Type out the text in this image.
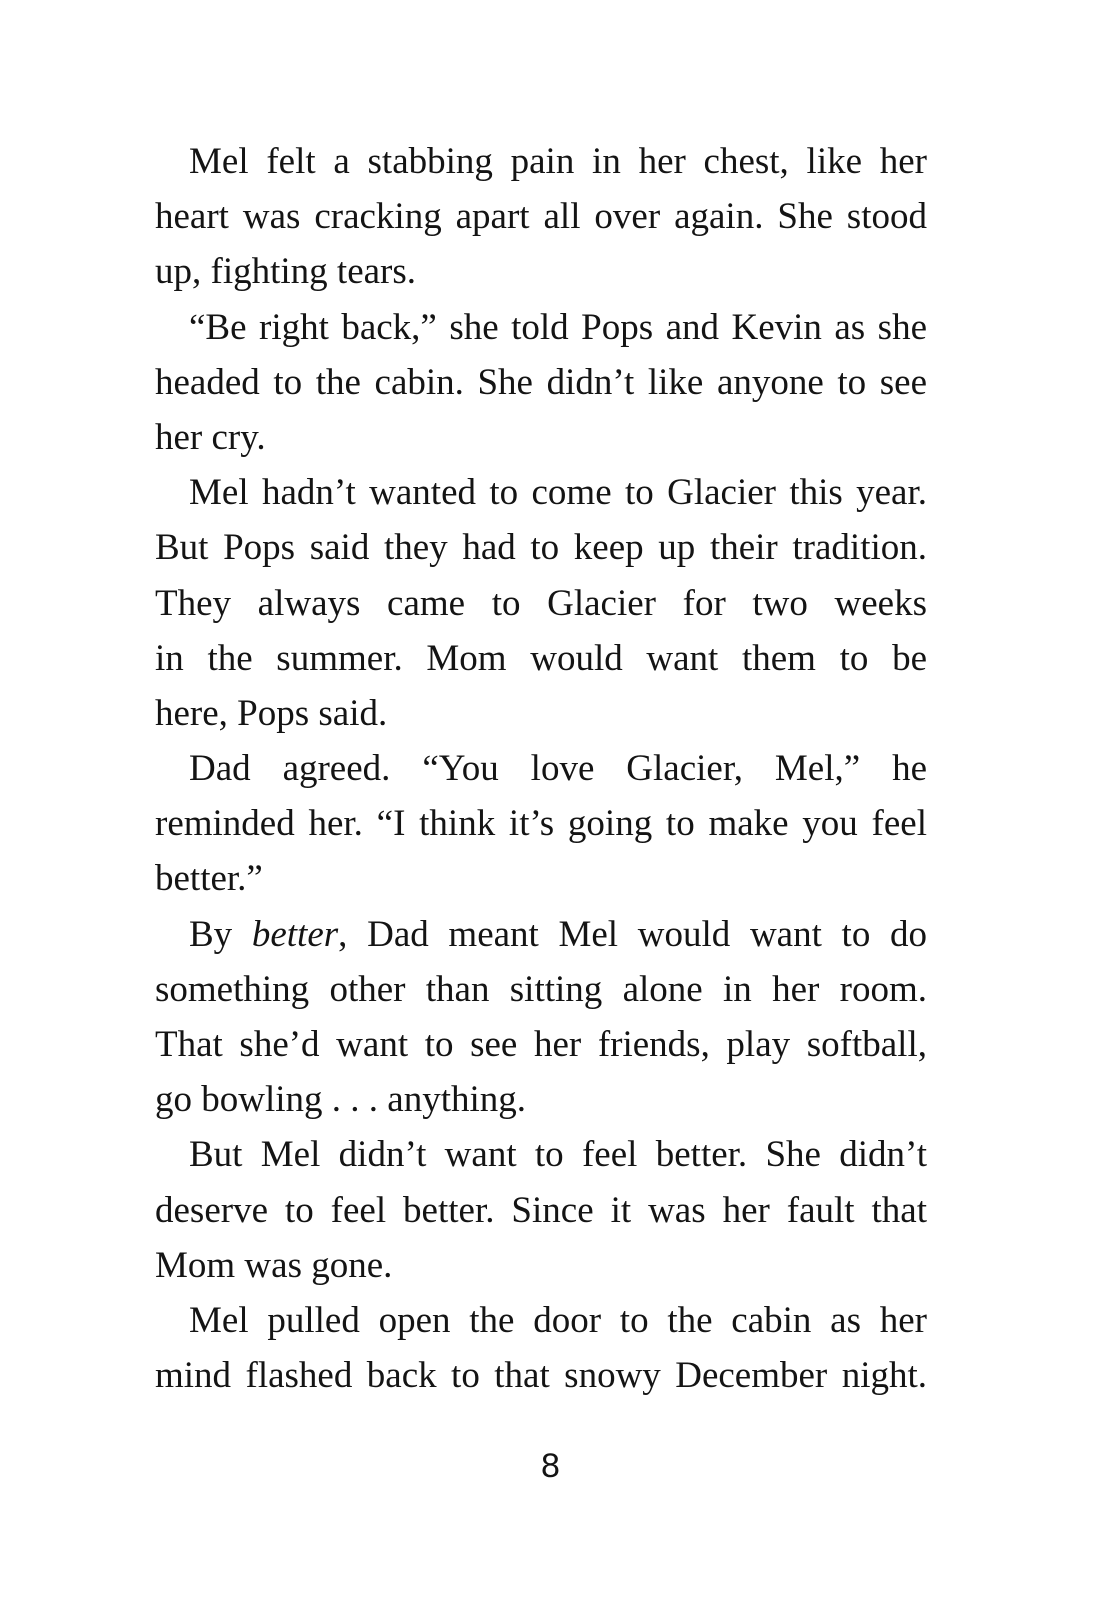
Mel felt a stabbing pain in her chest, like her
heart was cracking apart all over again. She stood
up, fighting tears.
“Be right back,” she told Pops and Kevin as she
headed to the cabin. She didn’t like anyone to see
her cry.
Mel hadn’t wanted to come to Glacier this year.
But Pops said they had to keep up their tradition.
They always came to Glacier for two weeks
in the summer. Mom would want them to be
here, Pops said.
Dad agreed. “You love Glacier, Mel,” he
reminded her. “I think it’s going to make you feel
better.”
By better, Dad meant Mel would want to do
something other than sitting alone in her room.
That she’d want to see her friends, play softball,
go bowling . . . anything.
But Mel didn’t want to feel better. She didn’t
deserve to feel better. Since it was her fault that
Mom was gone.
Mel pulled open the door to the cabin as her
mind flashed back to that snowy December night.
8
